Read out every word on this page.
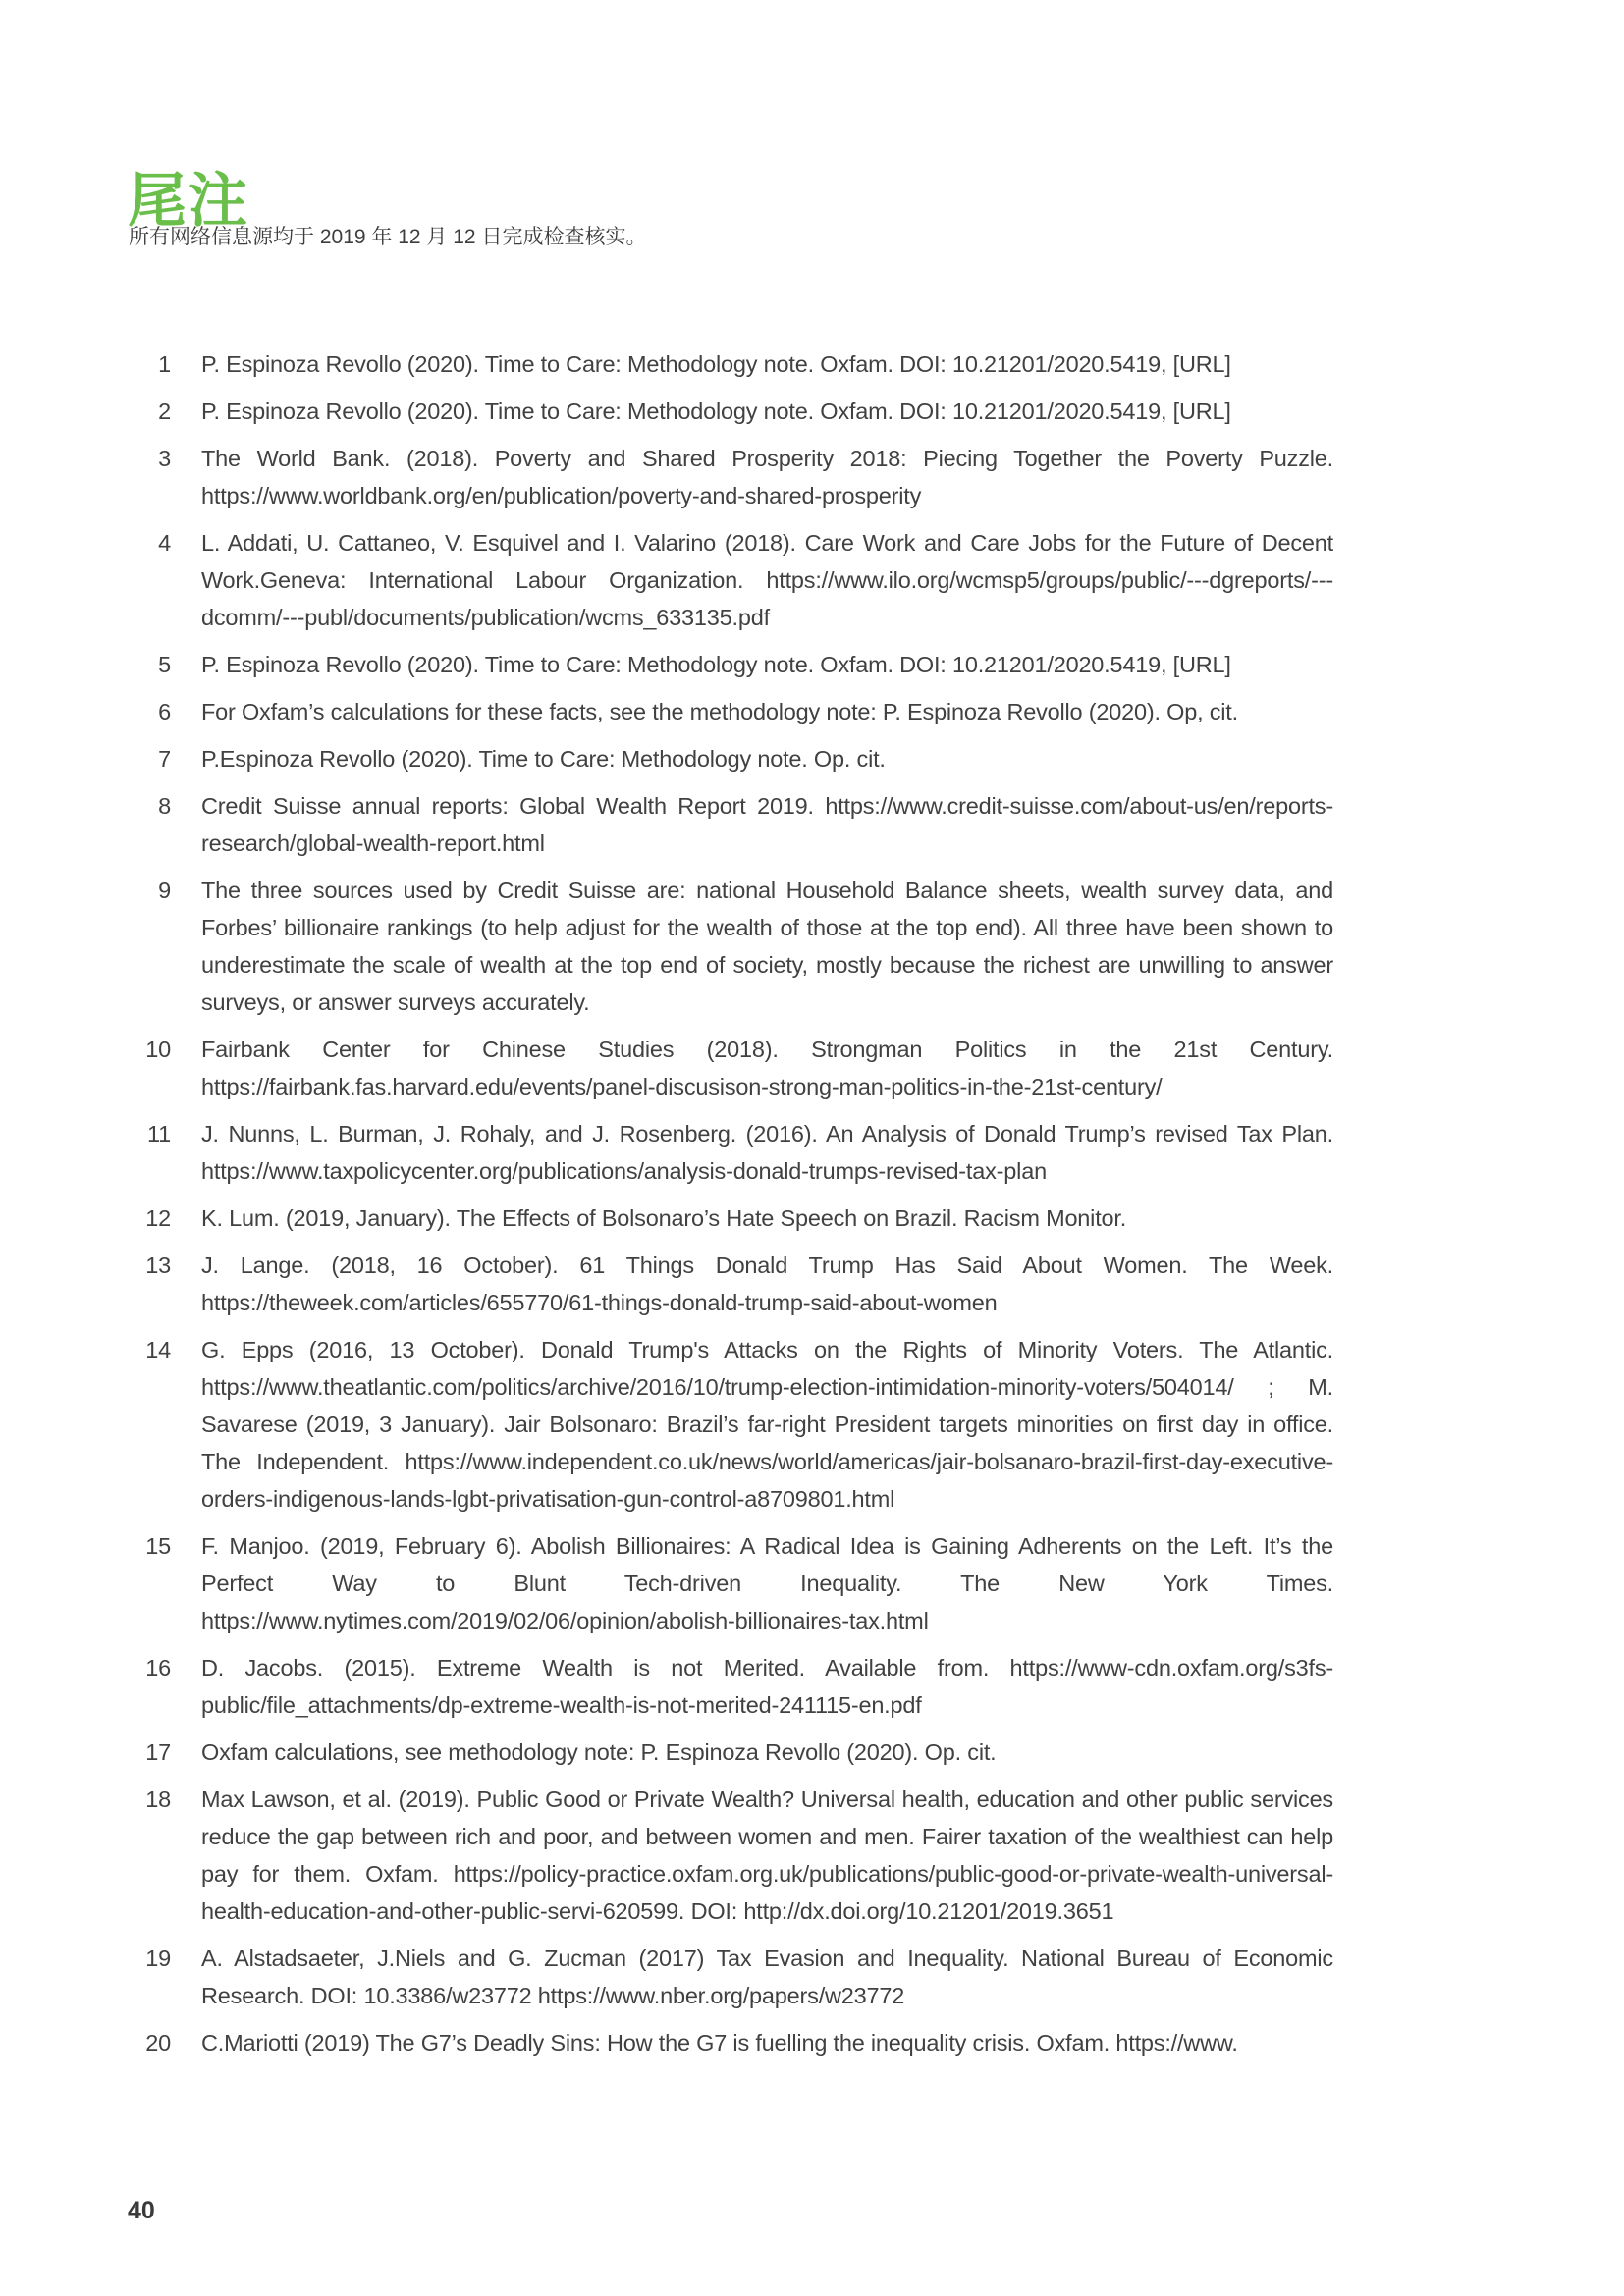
尾注
所有网络信息源均于 2019 年 12 月 12 日完成检查核实。
1 P. Espinoza Revollo (2020). Time to Care: Methodology note. Oxfam. DOI: 10.21201/2020.5419, [URL]
2 P. Espinoza Revollo (2020). Time to Care: Methodology note. Oxfam. DOI: 10.21201/2020.5419, [URL]
3 The World Bank. (2018). Poverty and Shared Prosperity 2018: Piecing Together the Poverty Puzzle. https://www.worldbank.org/en/publication/poverty-and-shared-prosperity
4 L. Addati, U. Cattaneo, V. Esquivel and I. Valarino (2018). Care Work and Care Jobs for the Future of Decent Work.Geneva: International Labour Organization. https://www.ilo.org/wcmsp5/groups/public/---dgreports/---dcomm/---publ/documents/publication/wcms_633135.pdf
5 P. Espinoza Revollo (2020). Time to Care: Methodology note. Oxfam. DOI: 10.21201/2020.5419, [URL]
6 For Oxfam’s calculations for these facts, see the methodology note: P. Espinoza Revollo (2020). Op, cit.
7 P.Espinoza Revollo (2020). Time to Care: Methodology note. Op. cit.
8 Credit Suisse annual reports: Global Wealth Report 2019. https://www.credit-suisse.com/about-us/en/reports-research/global-wealth-report.html
9 The three sources used by Credit Suisse are: national Household Balance sheets, wealth survey data, and Forbes’ billionaire rankings (to help adjust for the wealth of those at the top end). All three have been shown to underestimate the scale of wealth at the top end of society, mostly because the richest are unwilling to answer surveys, or answer surveys accurately.
10 Fairbank Center for Chinese Studies (2018). Strongman Politics in the 21st Century. https://fairbank.fas.harvard.edu/events/panel-discusison-strong-man-politics-in-the-21st-century/
11 J. Nunns, L. Burman, J. Rohaly, and J. Rosenberg. (2016). An Analysis of Donald Trump’s revised Tax Plan. https://www.taxpolicycenter.org/publications/analysis-donald-trumps-revised-tax-plan
12 K. Lum. (2019, January). The Effects of Bolsonaro’s Hate Speech on Brazil. Racism Monitor.
13 J. Lange. (2018, 16 October). 61 Things Donald Trump Has Said About Women. The Week. https://theweek.com/articles/655770/61-things-donald-trump-said-about-women
14 G. Epps (2016, 13 October). Donald Trump's Attacks on the Rights of Minority Voters. The Atlantic. https://www.theatlantic.com/politics/archive/2016/10/trump-election-intimidation-minority-voters/504014/ ; M. Savarese (2019, 3 January). Jair Bolsonaro: Brazil’s far-right President targets minorities on first day in office. The Independent. https://www.independent.co.uk/news/world/americas/jair-bolsanaro-brazil-first-day-executive-orders-indigenous-lands-lgbt-privatisation-gun-control-a8709801.html
15 F. Manjoo. (2019, February 6). Abolish Billionaires: A Radical Idea is Gaining Adherents on the Left. It’s the Perfect Way to Blunt Tech-driven Inequality. The New York Times. https://www.nytimes.com/2019/02/06/opinion/abolish-billionaires-tax.html
16 D. Jacobs. (2015). Extreme Wealth is not Merited. Available from. https://www-cdn.oxfam.org/s3fs-public/file_attachments/dp-extreme-wealth-is-not-merited-241115-en.pdf
17 Oxfam calculations, see methodology note: P. Espinoza Revollo (2020). Op. cit.
18 Max Lawson, et al. (2019). Public Good or Private Wealth? Universal health, education and other public services reduce the gap between rich and poor, and between women and men. Fairer taxation of the wealthiest can help pay for them. Oxfam. https://policy-practice.oxfam.org.uk/publications/public-good-or-private-wealth-universal-health-education-and-other-public-servi-620599. DOI: http://dx.doi.org/10.21201/2019.3651
19 A. Alstadsaeter, J.Niels and G. Zucman (2017) Tax Evasion and Inequality. National Bureau of Economic Research. DOI: 10.3386/w23772 https://www.nber.org/papers/w23772
20 C.Mariotti (2019) The G7’s Deadly Sins: How the G7 is fuelling the inequality crisis. Oxfam. https://www.
40
